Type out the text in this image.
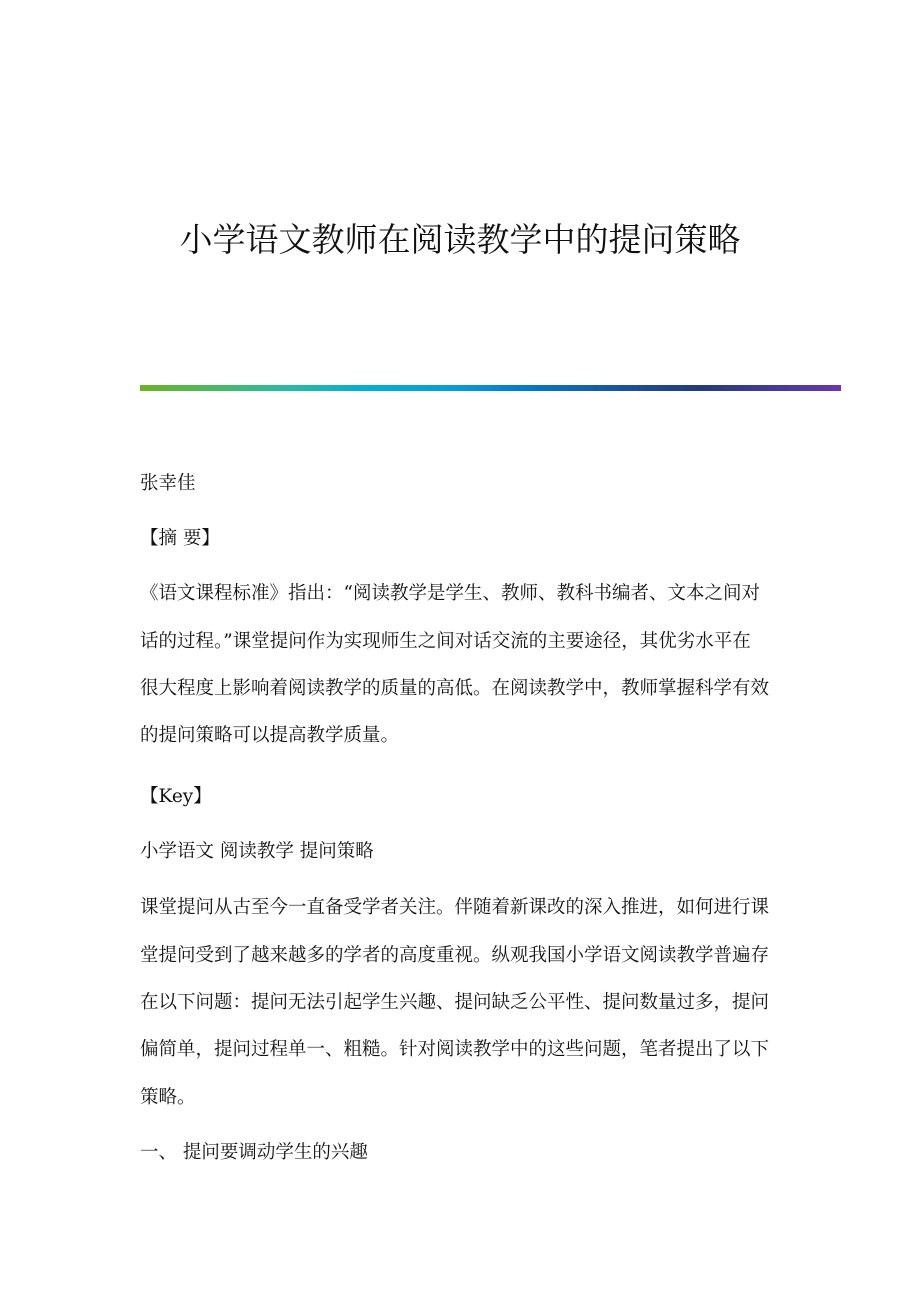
小学语文教师在阅读教学中的提问策略
张幸佳
【摘 要】
《语文课程标准》指出：“阅读教学是学生、教师、教科书编者、文本之间对
话的过程。”课堂提问作为实现师生之间对话交流的主要途径，其优劣水平在
很大程度上影响着阅读教学的质量的高低。在阅读教学中，教师掌握科学有效
的提问策略可以提高教学质量。
【Key】
小学语文 阅读教学 提问策略
课堂提问从古至今一直备受学者关注。伴随着新课改的深入推进，如何进行课
堂提问受到了越来越多的学者的高度重视。纵观我国小学语文阅读教学普遍存
在以下问题：提问无法引起学生兴趣、提问缺乏公平性、提问数量过多，提问
偏简单，提问过程单一、粗糙。针对阅读教学中的这些问题，笔者提出了以下
策略。
一、 提问要调动学生的兴趣
